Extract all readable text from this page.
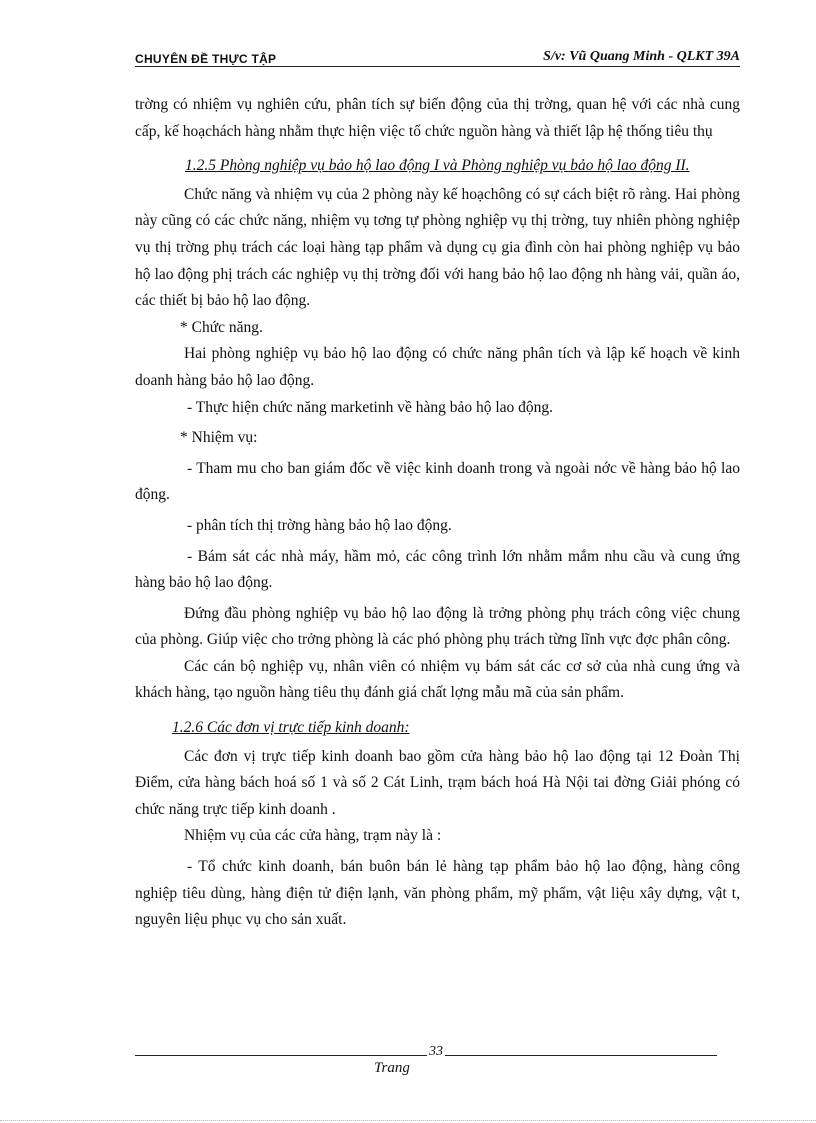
CHUYÊN ĐỀ THỰC TẬP	S/v: Vũ Quang Minh - QLKT 39A

trờng có nhiệm vụ nghiên cứu, phân tích sự biến động của thị trờng, quan hệ với các nhà cung cấp, kế hoạchách hàng nhằm thực hiện việc tổ chức nguồn hàng và thiết lập hệ thống tiêu thụ

1.2.5 Phòng nghiệp vụ bảo hộ lao động I và Phòng nghiệp vụ bảo hộ lao động II.

Chức năng và nhiệm vụ của 2 phòng này kế hoạchông có sự cách biệt rõ ràng. Hai phòng này cũng có các chức năng, nhiệm vụ tơng tự phòng nghiệp vụ thị trờng, tuy nhiên phòng nghiệp vụ thị trờng phụ trách các loại hàng tạp phẩm và dụng cụ gia đình còn hai phòng nghiệp vụ bảo hộ lao động phị trách các nghiệp vụ thị trờng đối với hang bảo hộ lao động nh hàng vải, quần áo, các thiết bị bảo hộ lao động.

* Chức năng.

Hai phòng nghiệp vụ bảo hộ lao động có chức năng phân tích và lập kế hoạch về kinh doanh hàng bảo hộ lao động.

- Thực hiện chức năng marketinh về hàng bảo hộ lao động.

* Nhiệm vụ:

- Tham mu cho ban giám đốc về việc kinh doanh trong và ngoài nớc về hàng bảo hộ lao động.

- phân tích thị trờng hàng bảo hộ lao động.

- Bám sát các nhà máy, hầm mỏ, các công trình lớn nhằm mắm nhu cầu và cung ứng hàng bảo hộ lao động.

Đứng đầu phòng nghiệp vụ bảo hộ lao động là trởng phòng phụ trách công việc chung của phòng. Giúp việc cho trởng phòng là các phó phòng phụ trách từng lĩnh vực đợc phân công.

Các cán bộ nghiệp vụ, nhân viên có nhiệm vụ bám sát các cơ sở của nhà cung ứng và khách hàng, tạo nguồn hàng tiêu thụ đánh giá chất lợng mẫu mã của sản phẩm.

1.2.6 Các đơn vị trực tiếp kinh doanh:

Các đơn vị trực tiếp kinh doanh bao gồm cửa hàng bảo hộ lao động tại 12 Đoàn Thị Điểm, cửa hàng bách hoá số 1 và số 2 Cát Linh, trạm bách hoá Hà Nội tai đờng Giải phóng có chức năng trực tiếp kinh doanh .

Nhiệm vụ của các cửa hàng, trạm này là :

- Tổ chức kinh doanh, bán buôn bán lẻ hàng tạp phẩm bảo hộ lao động, hàng công nghiệp tiêu dùng, hàng điện tử điện lạnh, văn phòng phẩm, mỹ phẩm, vật liệu xây dựng, vật t, nguyên liệu phục vụ cho sản xuất.

33
Trang
